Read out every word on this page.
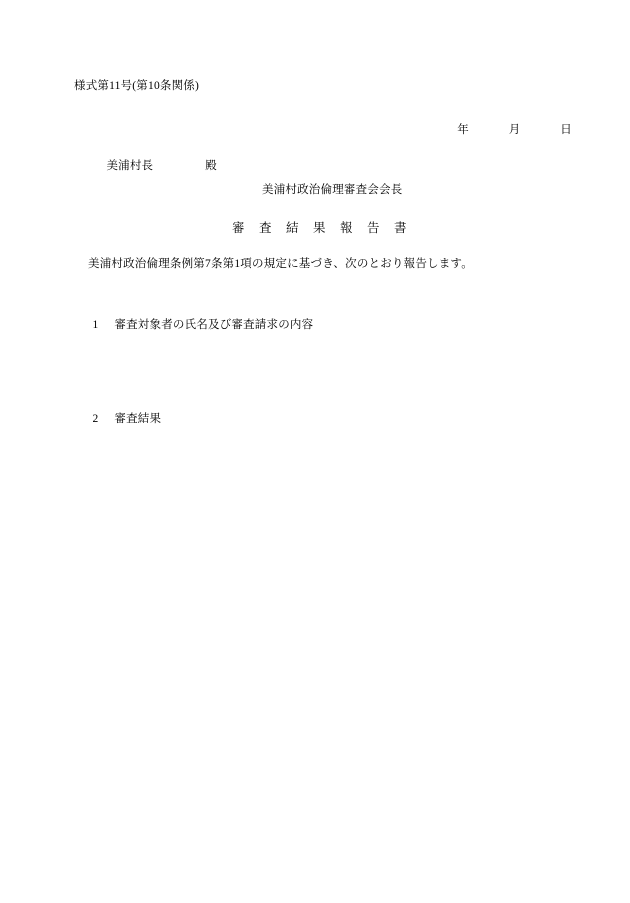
様式第11号(第10条関係)

年	月	日

美浦村長	殿

美浦村政治倫理審査会会長
審　査　結　果　報　告　書
美浦村政治倫理条例第7条第1項の規定に基づき、次のとおり報告します。

1 審査対象者の氏名及び審査請求の内容

2 審査結果
